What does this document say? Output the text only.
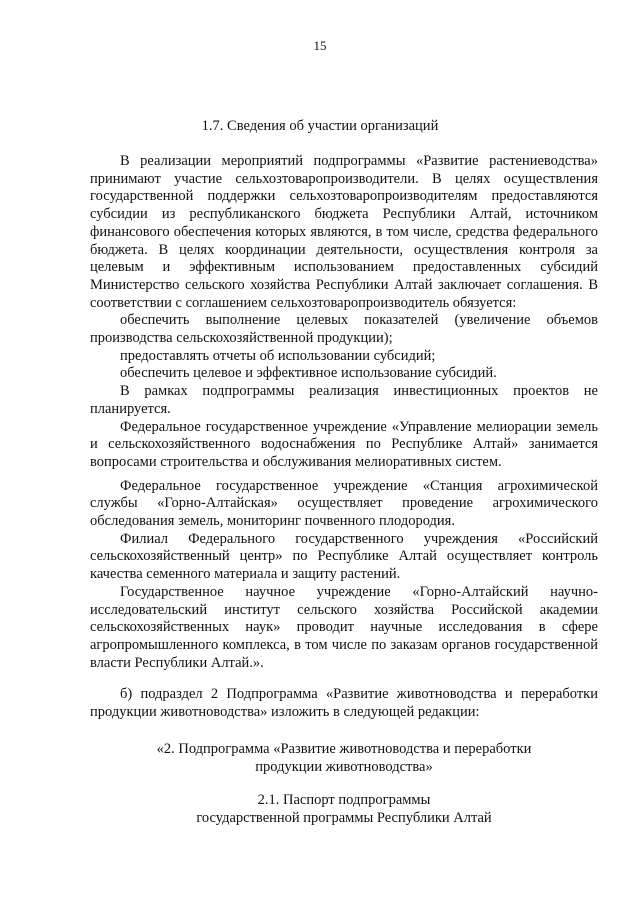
15
1.7. Сведения об участии организаций

В реализации мероприятий подпрограммы «Развитие растениеводства» принимают участие сельхозтоваропроизводители. В целях осуществления государственной поддержки сельхозтоваропроизводителям предоставляются субсидии из республиканского бюджета Республики Алтай, источником финансового обеспечения которых являются, в том числе, средства федерального бюджета. В целях координации деятельности, осуществления контроля за целевым и эффективным использованием предоставленных субсидий Министерство сельского хозяйства Республики Алтай заключает соглашения. В соответствии с соглашением сельхозтоваропроизводитель обязуется:

обеспечить выполнение целевых показателей (увеличение объемов производства сельскохозяйственной продукции);

предоставлять отчеты об использовании субсидий;

обеспечить целевое и эффективное использование субсидий.

В рамках подпрограммы реализация инвестиционных проектов не планируется.

Федеральное государственное учреждение «Управление мелиорации земель и сельскохозяйственного водоснабжения по Республике Алтай» занимается вопросами строительства и обслуживания мелиоративных систем.

Федеральное государственное учреждение «Станция агрохимической службы «Горно-Алтайская» осуществляет проведение агрохимического обследования земель, мониторинг почвенного плодородия.

Филиал Федерального государственного учреждения «Российский сельскохозяйственный центр» по Республике Алтай осуществляет контроль качества семенного материала и защиту растений.

Государственное научное учреждение «Горно-Алтайский научно-исследовательский институт сельского хозяйства Российской академии сельскохозяйственных наук» проводит научные исследования в сфере агропромышленного комплекса, в том числе по заказам органов государственной власти Республики Алтай.».

б) подраздел 2 Подпрограмма «Развитие животноводства и переработки продукции животноводства» изложить в следующей редакции:

«2. Подпрограмма «Развитие животноводства и переработки
продукции животноводства»
2.1. Паспорт подпрограммы
государственной программы Республики Алтай
